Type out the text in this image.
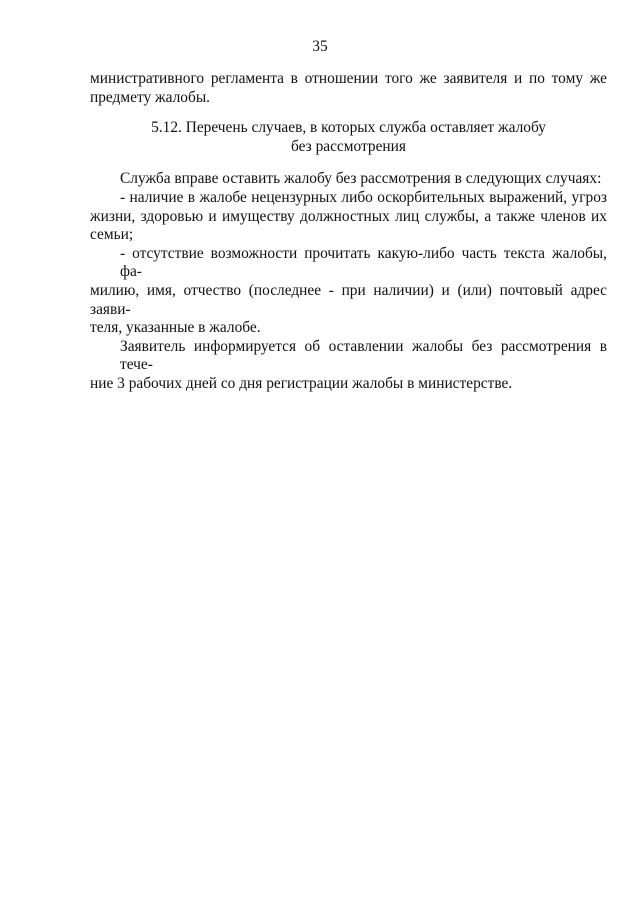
35
министративного регламента в отношении того же заявителя и по тому же
предмету жалобы.
5.12. Перечень случаев, в которых служба оставляет жалобу
без рассмотрения
Служба вправе оставить жалобу без рассмотрения в следующих случаях:
- наличие в жалобе нецензурных либо оскорбительных выражений, угроз
жизни, здоровью и имуществу должностных лиц службы, а также членов их
семьи;
- отсутствие возможности прочитать какую-либо часть текста жалобы, фа-
милию, имя, отчество (последнее - при наличии) и (или) почтовый адрес заяви-
теля, указанные в жалобе.
Заявитель информируется об оставлении жалобы без рассмотрения в тече-
ние 3 рабочих дней со дня регистрации жалобы в министерстве.
